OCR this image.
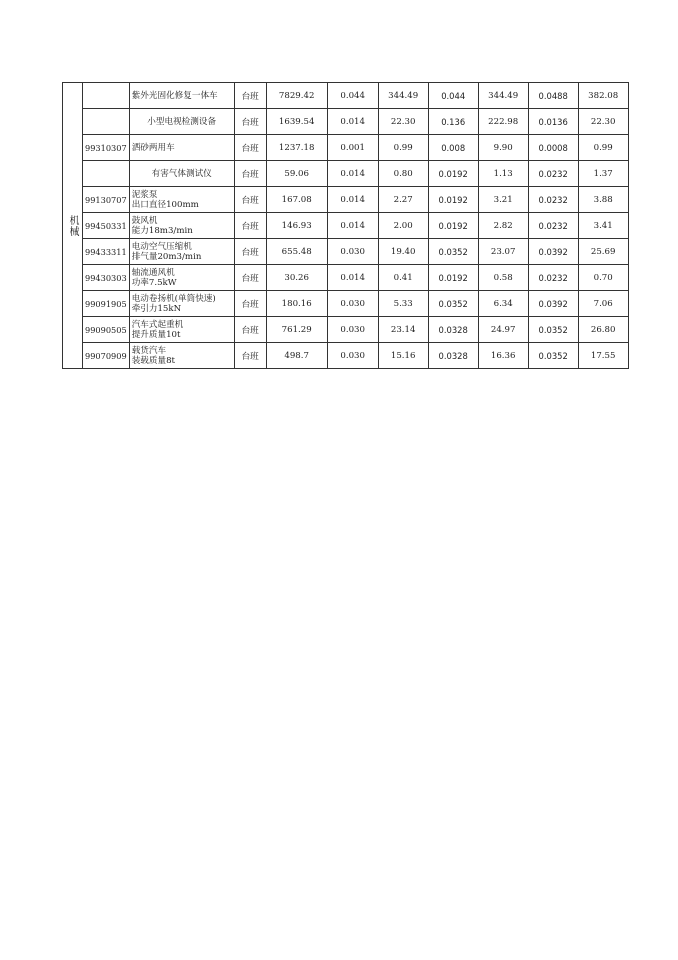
机械		紫外光固化修复一体车	台班	7829.42	0.044	344.49	0.044	344.49	0.0488	382.08

		小型电视检测设备	台班	1639.54	0.014	22.30	0.136	222.98	0.0136	22.30
	99310307	洒砂两用车	台班	1237.18	0.001	0.99	0.008	9.90	0.0008	0.99

		有害气体测试仪	台班	59.06	0.014	0.80	0.0192	1.13	0.0232	1.37
	99130707	泥浆泵
出口直径100mm	台班	167.08	0.014	2.27	0.0192	3.21	0.0232	3.88
	99450331	鼓风机
能力18m3/min	台班	146.93	0.014	2.00	0.0192	2.82	0.0232	3.41
	99433311	电动空气压缩机
排气量20m3/min	台班	655.48	0.030	19.40	0.0352	23.07	0.0392	25.69
	99430303	轴流通风机
功率7.5kW	台班	30.26	0.014	0.41	0.0192	0.58	0.0232	0.70
	99091905	电动卷扬机(单筒快速)
牵引力15kN	台班	180.16	0.030	5.33	0.0352	6.34	0.0392	7.06
	99090505	汽车式起重机
提升质量10t	台班	761.29	0.030	23.14	0.0328	24.97	0.0352	26.80
	99070909	载货汽车
装载质量8t	台班	498.7	0.030	15.16	0.0328	16.36	0.0352	17.55
